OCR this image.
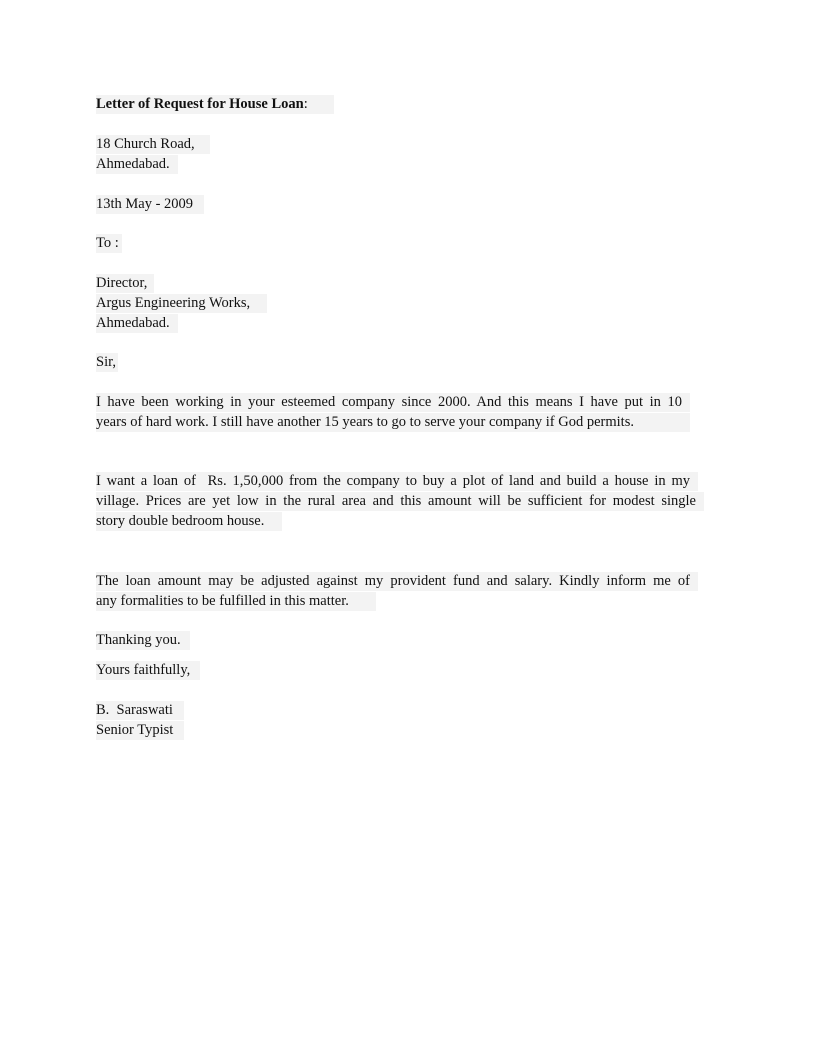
Letter of Request for House Loan:
18 Church Road,
Ahmedabad.
13th May - 2009
To :
Director,
Argus Engineering Works,
Ahmedabad.
Sir,
I have been working in your esteemed company since 2000. And this means I have put in 10
years of hard work. I still have another 15 years to go to serve your company if God permits.
I want a loan of  Rs. 1,50,000 from the company to buy a plot of land and build a house in my
village. Prices are yet low in the rural area and this amount will be sufficient for modest single
story double bedroom house.
The loan amount may be adjusted against my provident fund and salary. Kindly inform me of
any formalities to be fulfilled in this matter.
Thanking you.
Yours faithfully,
B.  Saraswati
Senior Typist
